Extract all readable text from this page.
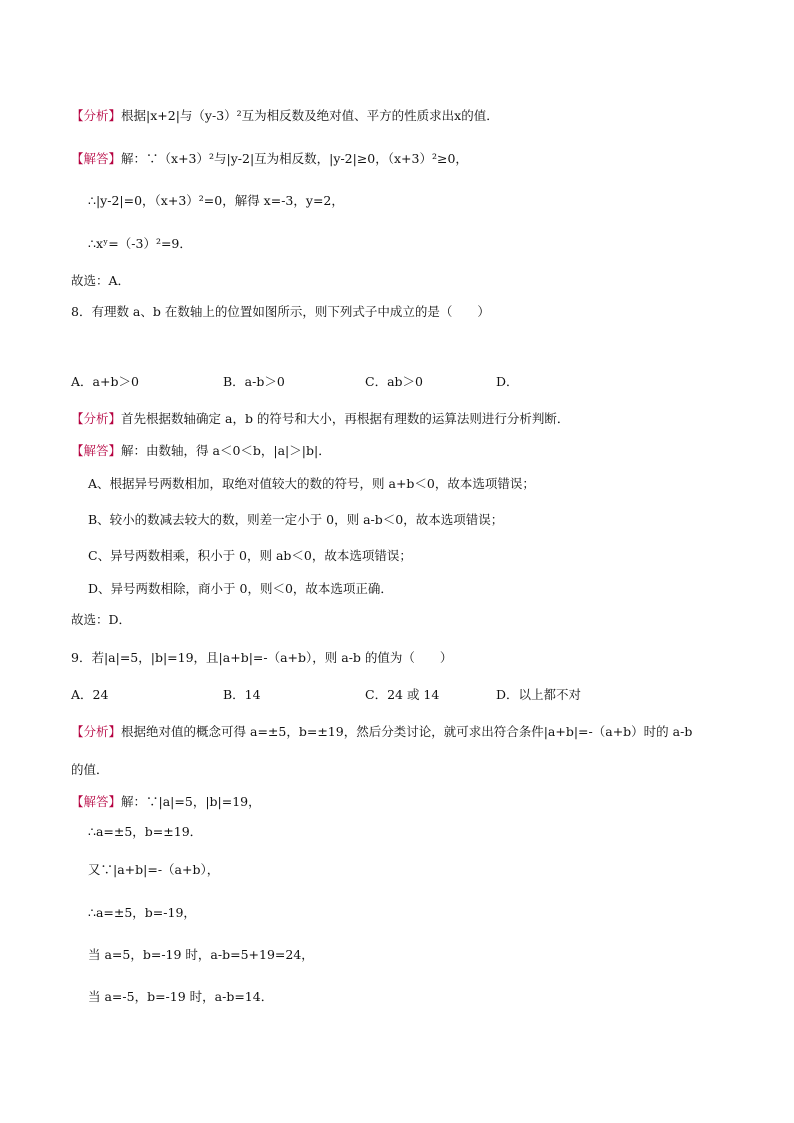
【分析】根据|x+2|与（y-3）²互为相反数及绝对值、平方的性质求出x的值．
【解答】解：∵（x+3）²与|y-2|互为相反数，|y-2|≥0，（x+3）²≥0，
∴|y-2|=0，（x+3）²=0，解得 x=-3，y=2，
∴xʸ=（-3）²=9．
故选：A．
8．有理数 a、b 在数轴上的位置如图所示，则下列式子中成立的是（　　）
A．a+b＞0	B．a-b＞0	C．ab＞0	D．
【分析】首先根据数轴确定 a，b 的符号和大小，再根据有理数的运算法则进行分析判断．
【解答】解：由数轴，得 a＜0＜b，|a|＞|b|．
A、根据异号两数相加，取绝对值较大的数的符号，则 a+b＜0，故本选项错误；
B、较小的数减去较大的数，则差一定小于 0，则 a-b＜0，故本选项错误；
C、异号两数相乘，积小于 0，则 ab＜0，故本选项错误；
D、异号两数相除，商小于 0，则＜0，故本选项正确．
故选：D．
9．若|a|=5，|b|=19，且|a+b|=-（a+b），则 a-b 的值为（　　）
A．24	B．14	C．24 或 14	D．以上都不对
【分析】根据绝对值的概念可得 a=±5，b=±19，然后分类讨论，就可求出符合条件|a+b|=-（a+b）时的 a-b
的值．
【解答】解：∵|a|=5，|b|=19，
∴a=±5，b=±19．
又∵|a+b|=-（a+b），
∴a=±5，b=-19，
当 a=5，b=-19 时，a-b=5+19=24，
当 a=-5，b=-19 时，a-b=14．
